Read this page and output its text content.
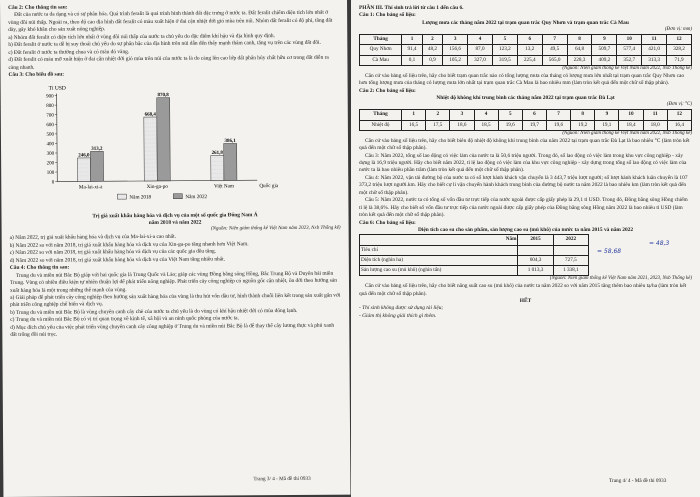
Câu 2: Cho thông tin sau:

Đất của nước ta đa dạng và có sự phân hóa. Quá trình feralit là quá trình hình thành đất đặc trưng ở nước ta. Đất feralit chiếm diện tích lớn nhất ở vùng đồi núi thấp. Ngoài ra, theo độ cao địa hình đất feralit có màu xuất hiện ở đai cận nhiệt đới gió mùa trên núi. Nhóm đất feralit có độ phì, tầng đất dày, gây khó khăn cho sản xuất nông nghiệp.

a) Nhóm đất feralit có diện tích lớn nhất ở vùng đồi núi thấp của nước ta chủ yếu do đặc điểm khí hậu và địa hình quy định.

b) Đất feralit ở nước ta dễ bị suy thoái chủ yếu do sự phân bậc của địa hình trên núi dẫn đến thấy mạnh thâm canh, tăng vụ trên các vùng đất đồi.

c) Đất feralit ở nước ta thường chua và có màu đỏ vàng.

d) Đất feralit có màu mỡ xuất hiện ở đai cận nhiệt đới gió mùa trên núi của nước ta là do càng lên cao lớp đất phân hủy chất hữu cơ trong đất diễn ra càng nhanh.

Câu 3: Cho biểu đồ sau:

Tỉ USD
0
100
200
300
400
500
600
700
800
900
246,0
313,2
Ma-lai-xi-a
668,4
870,8
Xin-ga-po
261,8
386,1
Việt Nam	Quốc gia
Năm 2018	Năm 2022

Trị giá xuất khẩu hàng hóa và dịch vụ của một số quốc gia Đông Nam Á

năm 2018 và năm 2022

(Nguồn: Niên giám thống kê Việt Nam năm 2023, Nxb Thống kê)

a) Năm 2022, trị giá xuất khẩu hàng hóa và dịch vụ của Ma-lai-xi-a cao nhất.

b) Năm 2022 so với năm 2018, trị giá xuất khẩu hàng hóa và dịch vụ của Xin-ga-po tăng nhanh hơn Việt Nam.

c) Năm 2022 so với năm 2018, trị giá xuất khẩu hàng hóa và dịch vụ của các quốc gia đều tăng.

d) Năm 2022 so với năm 2018, trị giá xuất khẩu hàng hóa và dịch vụ của Việt Nam tăng nhiều nhất.

Câu 4: Cho thông tin sau:

Trung du và miền núi Bắc Bộ giáp với hai quốc gia là Trung Quốc và Lào; giáp các vùng Đồng bằng sông Hồng, Bắc Trung Bộ và Duyên hải miền Trung. Vùng có nhiều điều kiện tự nhiên thuận lợi để phát triển nông nghiệp. Phát triển cây công nghiệp có nguồn gốc cận nhiệt, ôn đới theo hướng sản xuất hàng hóa là một trong những thế mạnh của vùng.

a) Giải pháp để phát triển cây công nghiệp theo hướng sản xuất hàng hóa của vùng là thu hút vốn đầu tư, hình thành chuỗi liên kết trong sản xuất gắn với phát triển công nghiệp chế biến và dịch vụ.

b) Trung du và miền núi Bắc Bộ là vùng chuyên canh cây chè của nước ta chủ yếu là do vùng có khí hậu nhiệt đới có mùa đông lạnh.

c) Trung du và miền núi Bắc Bộ có vị trí quan trọng về kinh tế, xã hội và an ninh quốc phòng của nước ta.

d) Mục đích chủ yếu của việc phát triển vùng chuyên canh cây công nghiệp ở Trung du và miền núi Bắc Bộ là để thay thế cây lương thực và phủ xanh đất trống đồi núi trọc.

Trang 3/ 4 - Mã đề thi 0933

PHẦN III. Thí sinh trả lời từ câu 1 đến câu 6.

Câu 1: Cho bảng số liệu:

Lượng mưa các tháng năm 2022 tại trạm quan trắc Quy Nhơn và trạm quan trắc Cà Mau

(Đơn vị: mm)

Tháng	1	2	3	4	5	6	7	8	9	10	11	12
Quy Nhơn	91,4	48,2	156,6	87,0	123,2	13,2	49,5	64,8	509,7	577,4	421,0	328,2
Cà Mau	0,1	0,9	105,2	327,0	319,5	225,4	565,0	228,3	409,2	352,7	313,3	71,9

(Nguồn: Niên giám thống kê Việt Nam năm 2022, Nxb Thống kê)

Căn cứ vào bảng số liệu trên, hãy cho biết trạm quan trắc nào có tổng lượng mưa của tháng có lượng mưa lớn nhất tại trạm quan trắc Quy Nhơn cao hơn tổng lượng mưa của tháng có lượng mưa lớn nhất tại trạm quan trắc Cà Mau là bao nhiêu mm (làm tròn kết quả đến một chữ số thập phân).

Câu 2: Cho bảng số liệu:

Nhiệt độ không khí trung bình các tháng năm 2022 tại trạm quan trắc Đà Lạt

(Đơn vị: °C)

Tháng	1	2	3	4	5	6	7	8	9	10	11	12
Nhiệt độ	16,5	17,5	18,6	18,5	19,6	19,7	19,6	19,2	19,1	18,4	18,0	16,4

(Nguồn: Niên giám thống kê Việt Nam năm 2022, Nxb Thống kê)

Căn cứ vào bảng số liệu trên, hãy cho biết biên độ nhiệt độ không khí trung bình của năm 2022 tại trạm quan trắc Đà Lạt là bao nhiêu °C (làm tròn kết quả đến một chữ số thập phân).

Câu 3: Năm 2022, tổng số lao động có việc làm của nước ta là 50,6 triệu người. Trong đó, số lao động có việc làm trong khu vực công nghiệp - xây dựng là 16,9 triệu người. Hãy cho biết năm 2022, tỉ lệ lao động có việc làm của khu vực công nghiệp - xây dựng trong tổng số lao động có việc làm của nước ta là bao nhiêu phần trăm (làm tròn kết quả đến một chữ số thập phân).

Câu 4: Năm 2022, vận tải đường bộ của nước ta có số lượt hành khách vận chuyển là 3 443,7 triệu lượt người; số lượt hành khách luân chuyển là 107 373,2 triệu lượt người.km. Hãy cho biết cự li vận chuyển hành khách trung bình của đường bộ nước ta năm 2022 là bao nhiêu km (làm tròn kết quả đến một chữ số thập phân).

Câu 5: Năm 2022, nước ta có tổng số vốn đầu tư trực tiếp của nước ngoài được cấp giấy phép là 29,1 tỉ USD. Trong đó, Đồng bằng sông Hồng chiếm tỉ lệ là 38,6%. Hãy cho biết số vốn đầu tư trực tiếp của nước ngoài được cấp giấy phép của Đồng bằng sông Hồng năm 2022 là bao nhiêu tỉ USD (làm tròn kết quả đến một chữ số thập phân).

Câu 6: Cho bảng số liệu:

Diện tích cao su cho sản phẩm, sản lượng cao su (mủ khô) của nước ta năm 2015 và năm 2022

Năm	2015	2022
Tiêu chí		
Diện tích (nghìn ha)	604,3	727,5
Sản lượng cao su (mủ khô) (nghìn tấn)	1 013,3	1 338,1
= 58,68
= 48,3

(Nguồn: Niên giám thống kê Việt Nam năm 2021, 2023, Nxb Thống kê)

Căn cứ vào bảng số liệu trên, hãy cho biết năng suất cao su (mủ khô) của nước ta năm 2022 so với năm 2015 tăng thêm bao nhiêu tạ/ha (làm tròn kết quả đến một chữ số thập phân).

HẾT

- Thí sinh không được sử dụng tài liệu;

- Giám thị không giải thích gì thêm.

Trang 4/ 4 - Mã đề thi 0933
